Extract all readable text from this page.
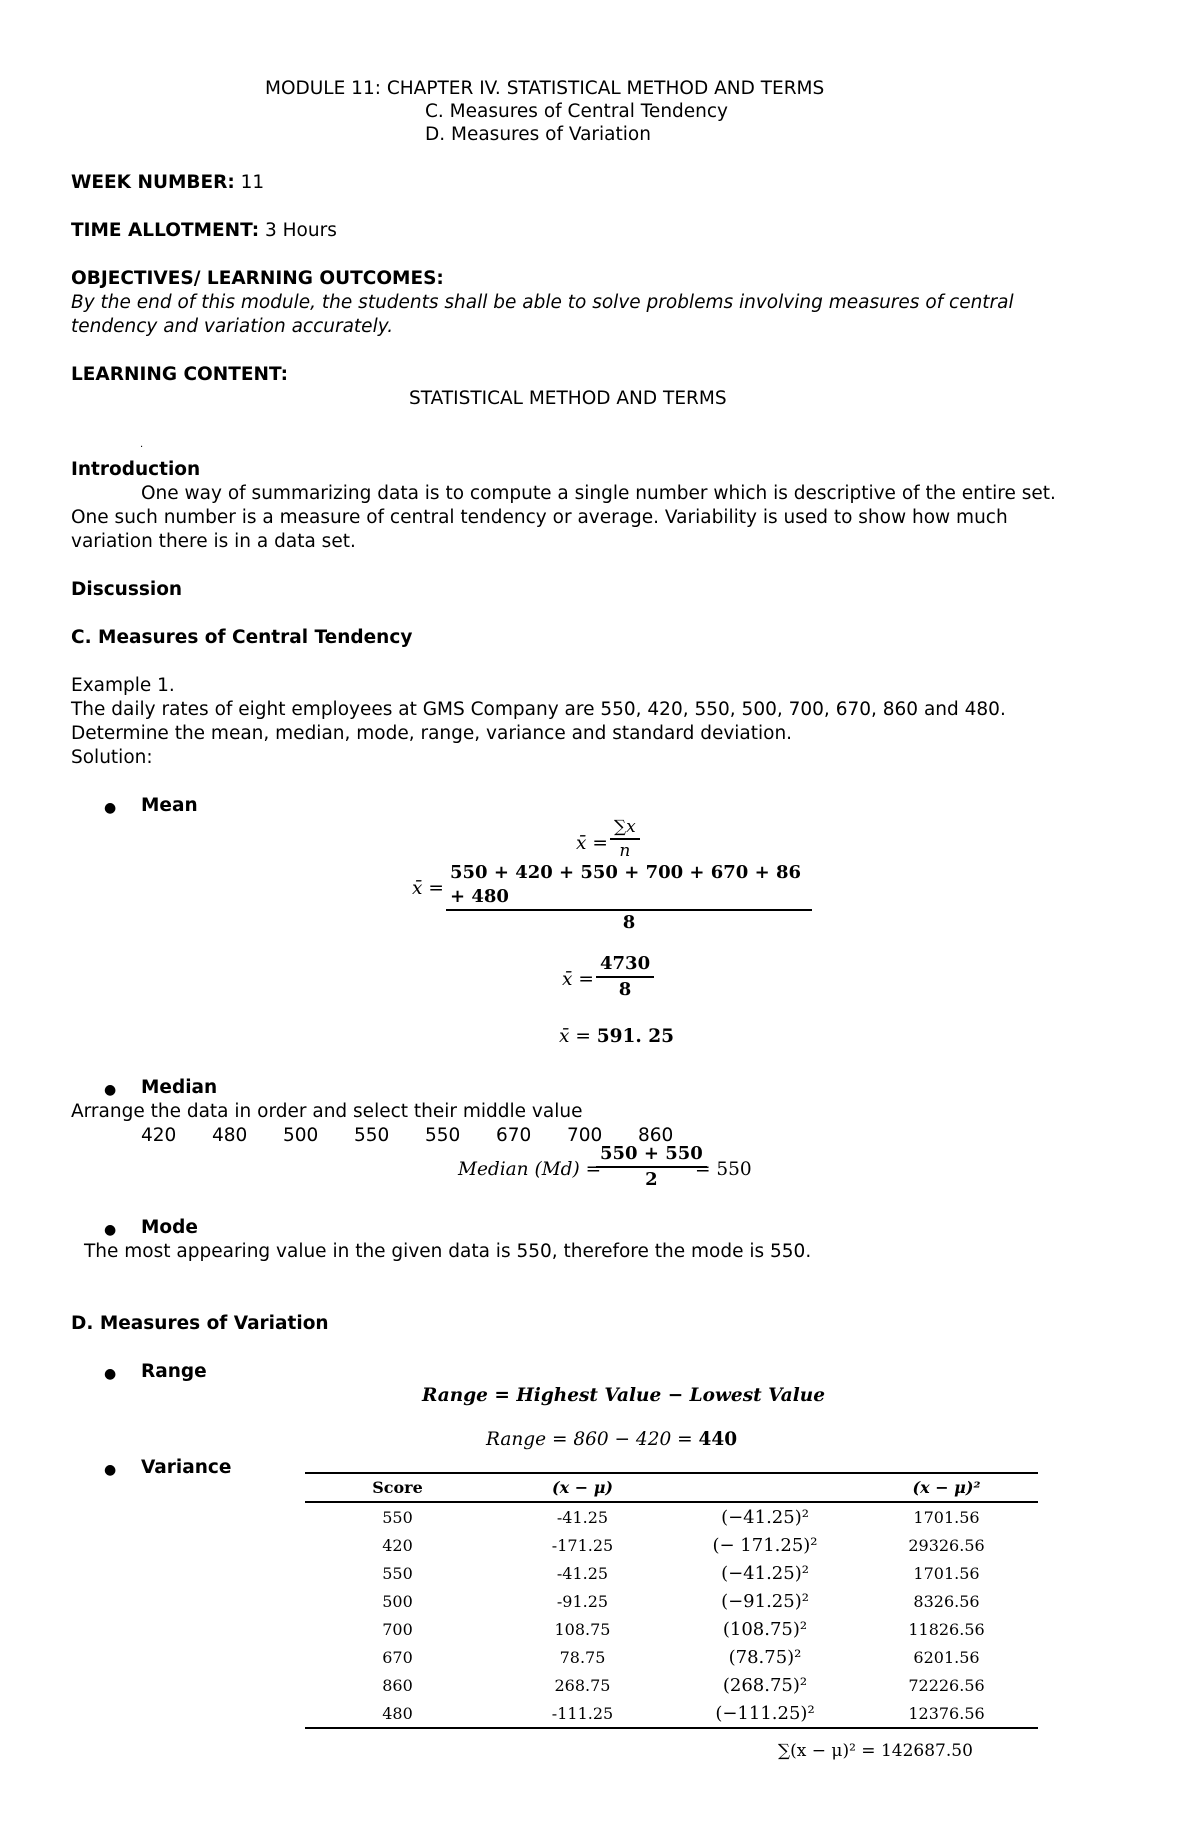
MODULE 11: CHAPTER IV. STATISTICAL METHOD AND TERMS
C. Measures of Central Tendency
D. Measures of Variation
WEEK NUMBER: 11
TIME ALLOTMENT: 3 Hours
OBJECTIVES/ LEARNING OUTCOMES:
By the end of this module, the students shall be able to solve problems involving measures of central
tendency and variation accurately.
LEARNING CONTENT:
STATISTICAL METHOD AND TERMS
.
Introduction
One way of summarizing data is to compute a single number which is descriptive of the entire set.
One such number is a measure of central tendency or average. Variability is used to show how much
variation there is in a data set.
Discussion
C. Measures of Central Tendency
Example 1.
The daily rates of eight employees at GMS Company are 550, 420, 550, 500, 700, 670, 860 and 480.
Determine the mean, median, mode, range, variance and standard deviation.
Solution:
● Mean
x̄ =
∑x
n
x̄ =
550 + 420 + 550 + 700 + 670 + 86 + 480
8
x̄ =
4730
8
x̄ = 591. 25
● Median
Arrange the data in order and select their middle value
420 480 500 550 550 670 700 860
Median (Md) =
550 + 550
2 = 550
● Mode
The most appearing value in the given data is 550, therefore the mode is 550.
D. Measures of Variation
● Range
Range = Highest Value − Lowest Value
Range = 860 − 420 = 440
● Variance
Score	(x − μ)		(x − μ)²
550	-41.25	(−41.25)²	1701.56
420	-171.25	(− 171.25)²	29326.56
550	-41.25	(−41.25)²	1701.56
500	-91.25	(−91.25)²	8326.56
700	108.75	(108.75)²	11826.56
670	78.75	(78.75)²	6201.56
860	268.75	(268.75)²	72226.56
480	-111.25	(−111.25)²	12376.56
∑(x − μ)² = 142687.50
